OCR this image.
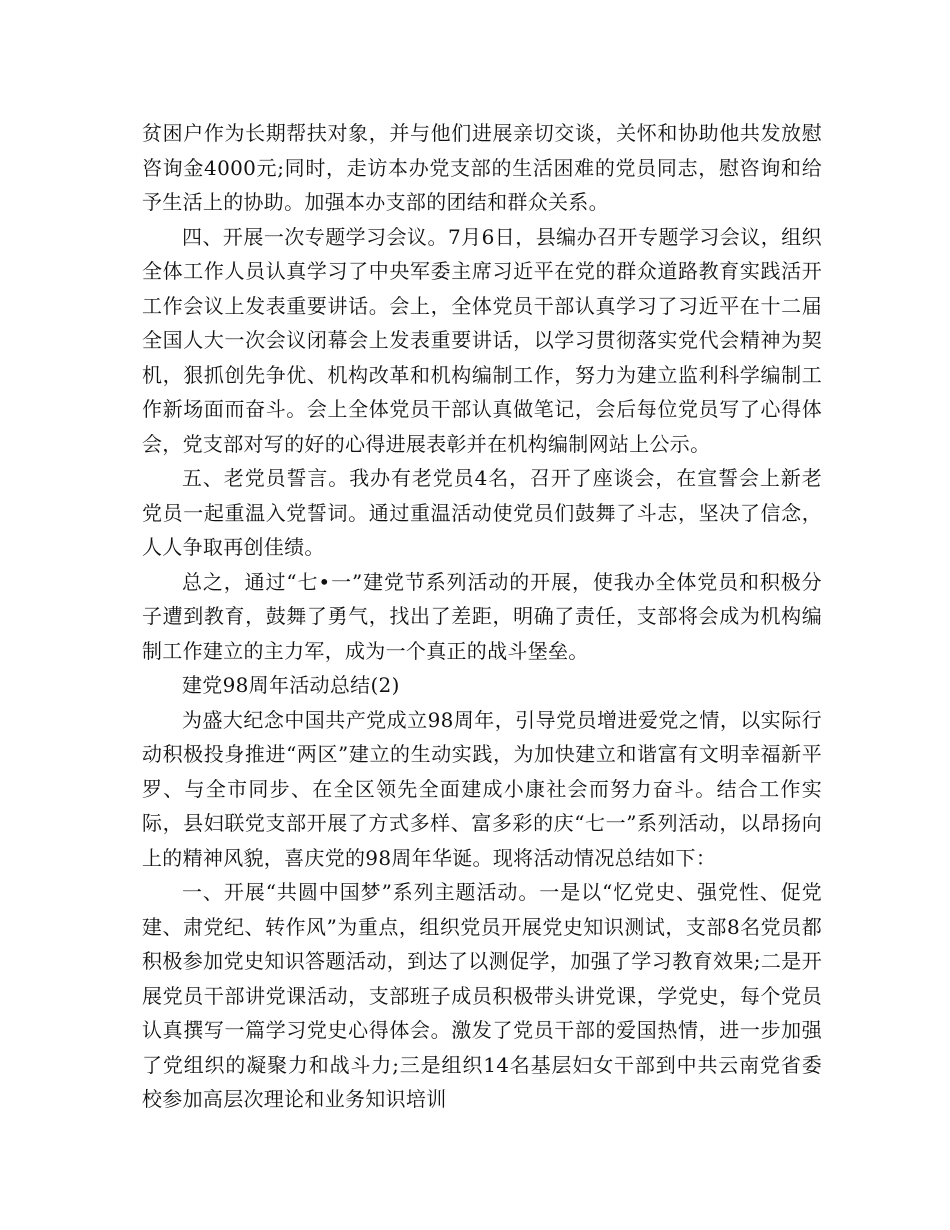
贫困户作为长期帮扶对象，并与他们进展亲切交谈，关怀和协助他共发放慰咨询金4000元;同时，走访本办党支部的生活困难的党员同志，慰咨询和给予生活上的协助。加强本办支部的团结和群众关系。

四、开展一次专题学习会议。7月6日，县编办召开专题学习会议，组织全体工作人员认真学习了中央军委主席习近平在党的群众道路教育实践活开工作会议上发表重要讲话。会上，全体党员干部认真学习了习近平在十二届全国人大一次会议闭幕会上发表重要讲话，以学习贯彻落实党代会精神为契机，狠抓创先争优、机构改革和机构编制工作，努力为建立监利科学编制工作新场面而奋斗。会上全体党员干部认真做笔记，会后每位党员写了心得体会，党支部对写的好的心得进展表彰并在机构编制网站上公示。

五、老党员誓言。我办有老党员4名，召开了座谈会，在宣誓会上新老党员一起重温入党誓词。通过重温活动使党员们鼓舞了斗志，坚决了信念，人人争取再创佳绩。

总之，通过“七•一”建党节系列活动的开展，使我办全体党员和积极分子遭到教育，鼓舞了勇气，找出了差距，明确了责任，支部将会成为机构编制工作建立的主力军，成为一个真正的战斗堡垒。

建党98周年活动总结(2)

为盛大纪念中国共产党成立98周年，引导党员增进爱党之情，以实际行动积极投身推进“两区”建立的生动实践，为加快建立和谐富有文明幸福新平罗、与全市同步、在全区领先全面建成小康社会而努力奋斗。结合工作实际，县妇联党支部开展了方式多样、富多彩的庆“七一”系列活动，以昂扬向上的精神风貌，喜庆党的98周年华诞。现将活动情况总结如下：

一、开展“共圆中国梦”系列主题活动。一是以“忆党史、强党性、促党建、肃党纪、转作风”为重点，组织党员开展党史知识测试，支部8名党员都积极参加党史知识答题活动，到达了以测促学，加强了学习教育效果;二是开展党员干部讲党课活动，支部班子成员积极带头讲党课，学党史，每个党员认真撰写一篇学习党史心得体会。激发了党员干部的爱国热情，进一步加强了党组织的凝聚力和战斗力;三是组织14名基层妇女干部到中共云南党省委校参加高层次理论和业务知识培训
